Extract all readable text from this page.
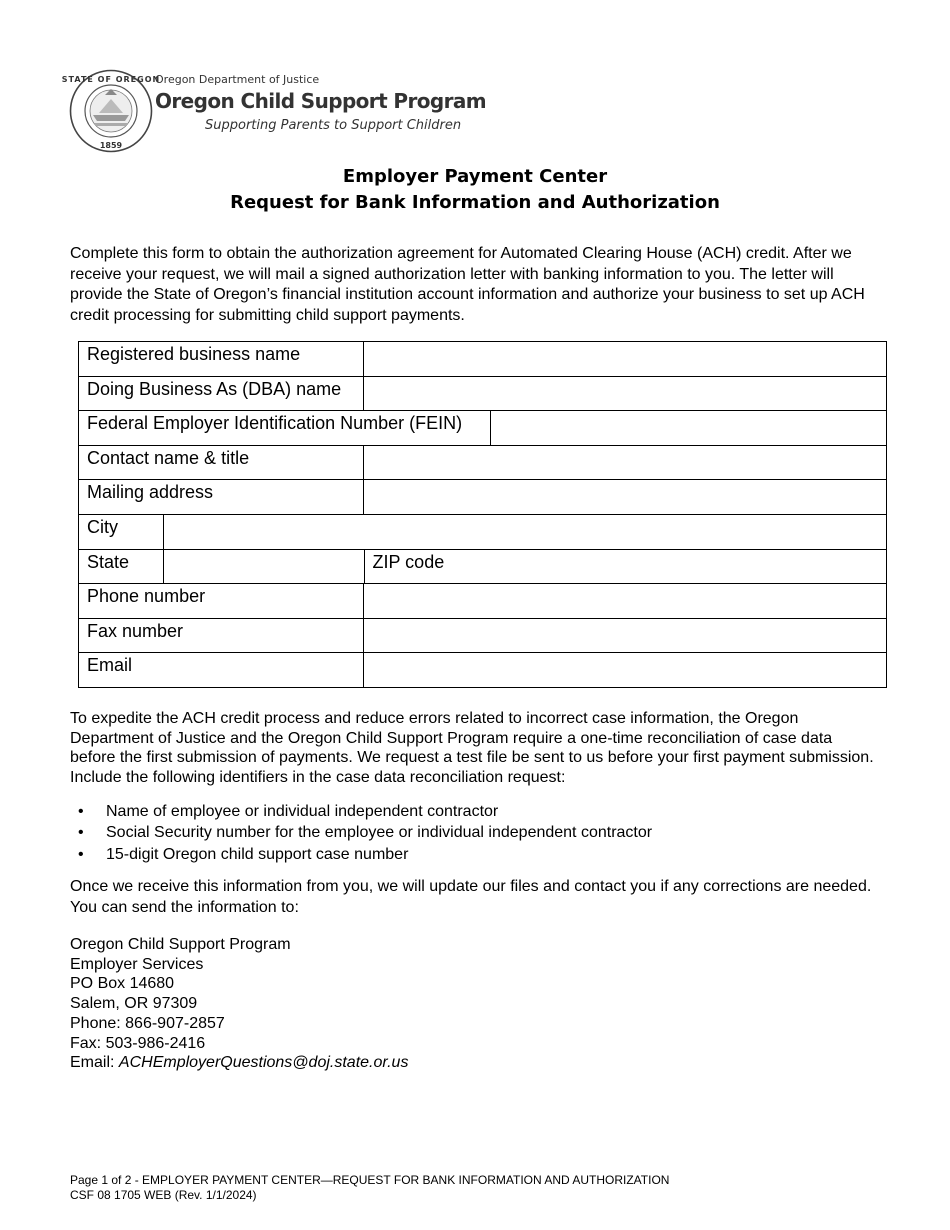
STATE OF OREGON
1859
Oregon Department of Justice
Oregon Child Support Program
Supporting Parents to Support Children
Employer Payment Center
Request for Bank Information and Authorization

Complete this form to obtain the authorization agreement for Automated Clearing House (ACH) credit. After we receive your request, we will mail a signed authorization letter with banking information to you. The letter will provide the State of Oregon’s financial institution account information and authorize your business to set up ACH credit processing for submitting child support payments.

Registered business name	
Doing Business As (DBA) name	

Federal Employer Identification Number (FEIN)	

Contact name & title	
Mailing address	

City	

State		ZIP code

Phone number	
Fax number	
Email	

To expedite the ACH credit process and reduce errors related to incorrect case information, the Oregon Department of Justice and the Oregon Child Support Program require a one-time reconciliation of case data before the first submission of payments. We request a test file be sent to us before your first payment submission. Include the following identifiers in the case data reconciliation request:

• Name of employee or individual independent contractor
• Social Security number for the employee or individual independent contractor
• 15-digit Oregon child support case number

Once we receive this information from you, we will update our files and contact you if any corrections are needed. You can send the information to:

Oregon Child Support Program
Employer Services
PO Box 14680
Salem, OR 97309
Phone: 866-907-2857
Fax: 503-986-2416
Email: ACHEmployerQuestions@doj.state.or.us
Page 1 of 2 - EMPLOYER PAYMENT CENTER—REQUEST FOR BANK INFORMATION AND AUTHORIZATION
CSF 08 1705 WEB (Rev. 1/1/2024)
